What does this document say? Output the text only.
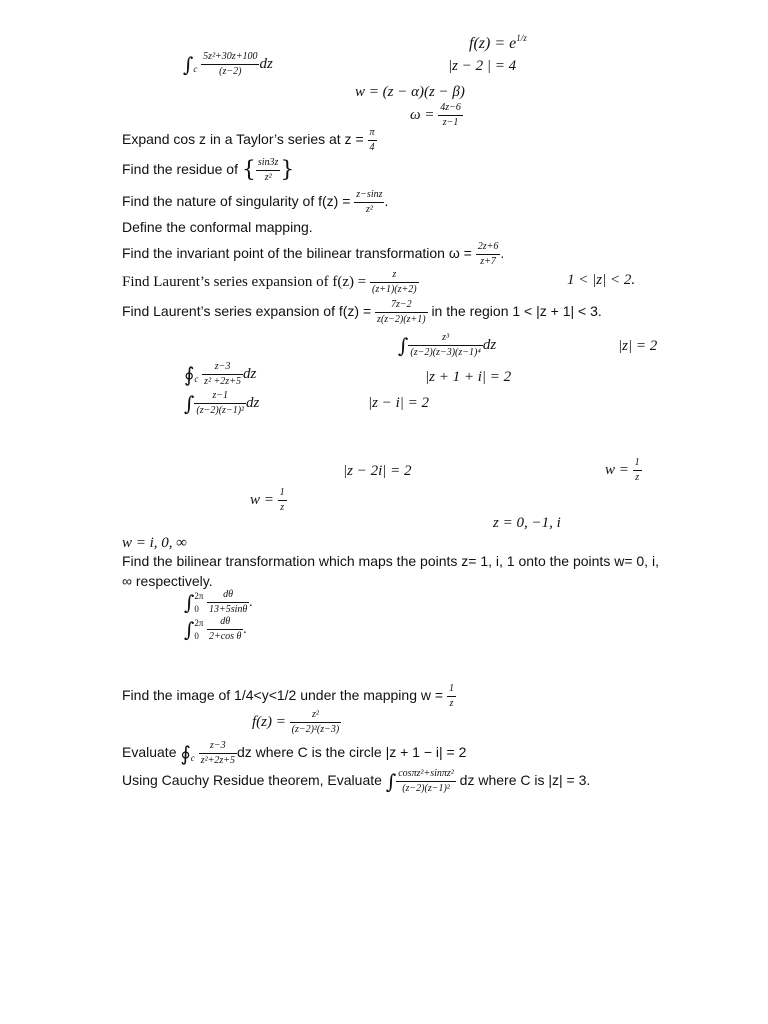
$\int_c \frac{\text{5z²+30z+100}}{(z-2)}$ dz
$f(z) = e^{1/z}$
|z − 2 | = 4
w = (z − α)(z − β)
$\omega = \frac{4z-6}{z-1}$
Expand cos z in a Taylor’s series at $z = \frac{\pi}{4}$
Find the residue of { $\frac{\sin 3z}{\text{z²}}$ }
Find the nature of singularity of $f(z) = \frac{z-\sin z}{\text{z²}}$ .
Define the conformal mapping.
Find the invariant point of the bilinear transformation $\omega = \frac{2z+6}{z+7}$ .
Find Laurent’s series expansion of $f(z) = \frac{z}{(z+1)(z+2)}$	1 < |z| < 2.
Find Laurent’s series expansion of $f(z) = \frac{7z-2}{z(z-2)(z+1)}$ in the region 1 < |z + 1| < 3.
∫ $\frac{\text{z³}}{\text{(z−2)(z−3)(z−1)⁴}}$ dz	|z| = 2
$∮_c \frac{z-3}{\text{z² +2z+5}}$ dz	|z + 1 + i| = 2
∫ $\frac{z-1}{\text{(z−2)(z−1)²}}$ dz	|z − i| = 2
|z − 2i| = 2	$w = \frac{1}{z}$
$w = \frac{1}{z}$
z = 0, −1, i
w = i, 0, ∞
Find the bilinear transformation which maps the points z= 1, i, 1 onto the points w= 0, i,
∞ respectively.
∫ 2π
0
$\frac{d\theta}{13+5\sin\theta}$ .
∫ 2π
0
$\frac{d\theta}{\text{2+cos θ}}$ .
Find the image of 1/4<y<1/2 under the mapping $w = \frac{1}{z}$
$f(z) = \frac{\text{z²}}{\text{(z−2)²(z−3)}}$
Evaluate $∮_c \frac{z-3}{\text{z²+2z+5}}$ dz where C is the circle |z + 1 − i| = 2
Using Cauchy Residue theorem, Evaluate ∫ $\frac{\text{cosπz²+sinπz²}}{\text{(z−2)(z−1)²}}$ dz where C is |z| = 3.
